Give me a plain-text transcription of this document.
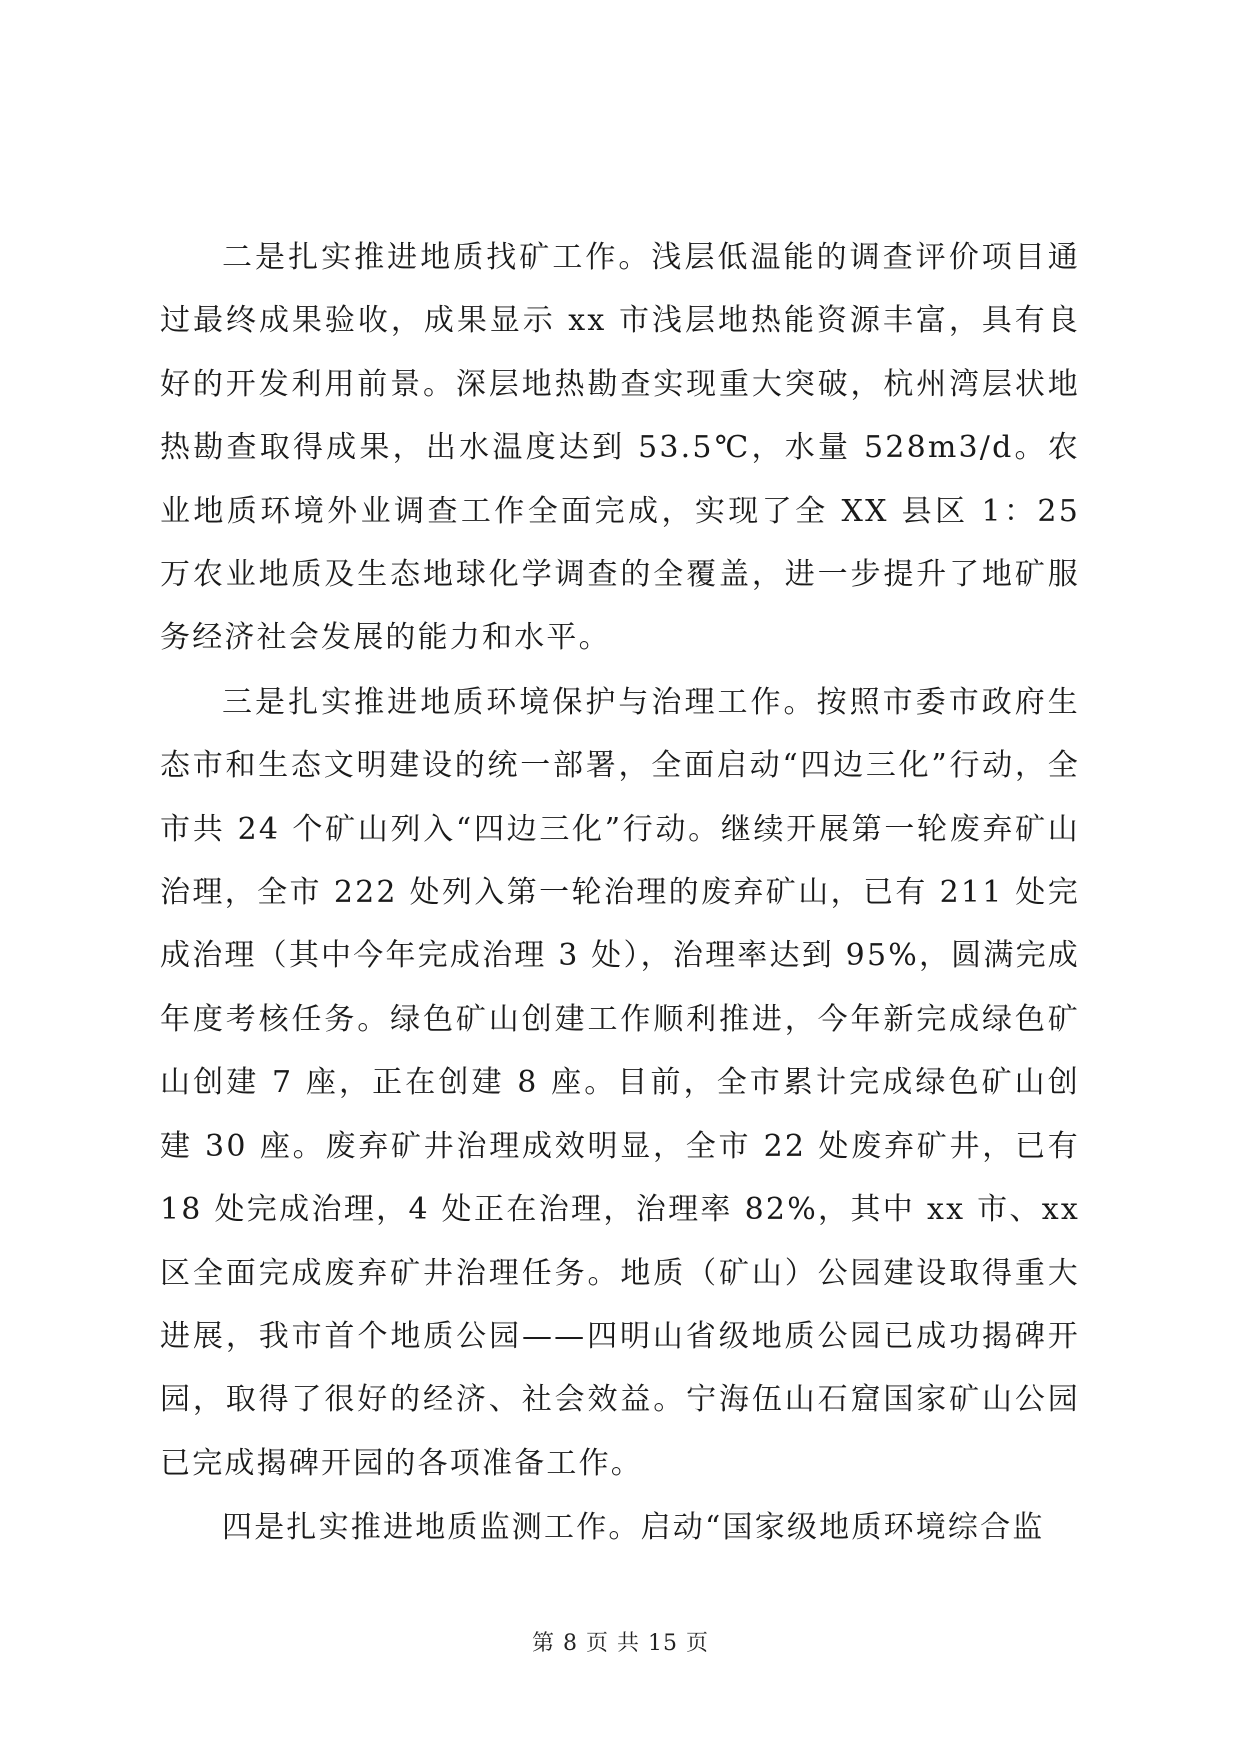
二是扎实推进地质找矿工作。浅层低温能的调查评价项目通过最终成果验收，成果显示 xx 市浅层地热能资源丰富，具有良好的开发利用前景。深层地热勘查实现重大突破，杭州湾层状地热勘查取得成果，出水温度达到 53.5℃，水量 528m3/d。农业地质环境外业调查工作全面完成，实现了全 XX 县区 1：25 万农业地质及生态地球化学调查的全覆盖，进一步提升了地矿服务经济社会发展的能力和水平。

三是扎实推进地质环境保护与治理工作。按照市委市政府生态市和生态文明建设的统一部署，全面启动“四边三化”行动，全市共 24 个矿山列入“四边三化”行动。继续开展第一轮废弃矿山治理，全市 222 处列入第一轮治理的废弃矿山，已有 211 处完成治理（其中今年完成治理 3 处），治理率达到 95%，圆满完成年度考核任务。绿色矿山创建工作顺利推进，今年新完成绿色矿山创建 7 座，正在创建 8 座。目前，全市累计完成绿色矿山创建 30 座。废弃矿井治理成效明显，全市 22 处废弃矿井，已有 18 处完成治理，4 处正在治理，治理率 82%，其中 xx 市、xx 区全面完成废弃矿井治理任务。地质（矿山）公园建设取得重大进展，我市首个地质公园——四明山省级地质公园已成功揭碑开园，取得了很好的经济、社会效益。宁海伍山石窟国家矿山公园已完成揭碑开园的各项准备工作。

四是扎实推进地质监测工作。启动“国家级地质环境综合监

第 8 页 共 15 页
